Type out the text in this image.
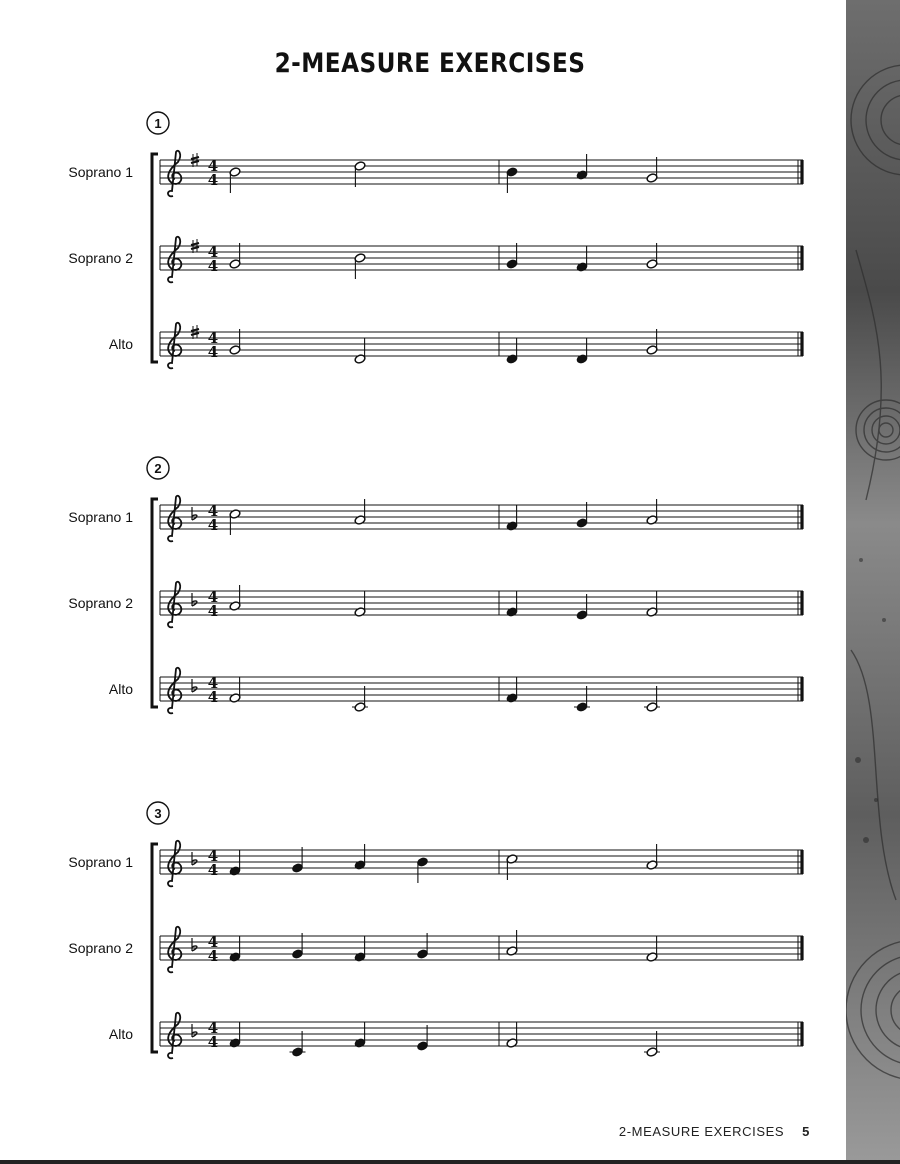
2-MEASURE EXERCISES
1
Soprano 1	4
4
Soprano 2	4
4
Alto	4
4
2
Soprano 1	4
4
Soprano 2	4
4
Alto	4
4
3
Soprano 1	4
4
Soprano 2	4
4
Alto	4
4
2-MEASURE EXERCISES 5
